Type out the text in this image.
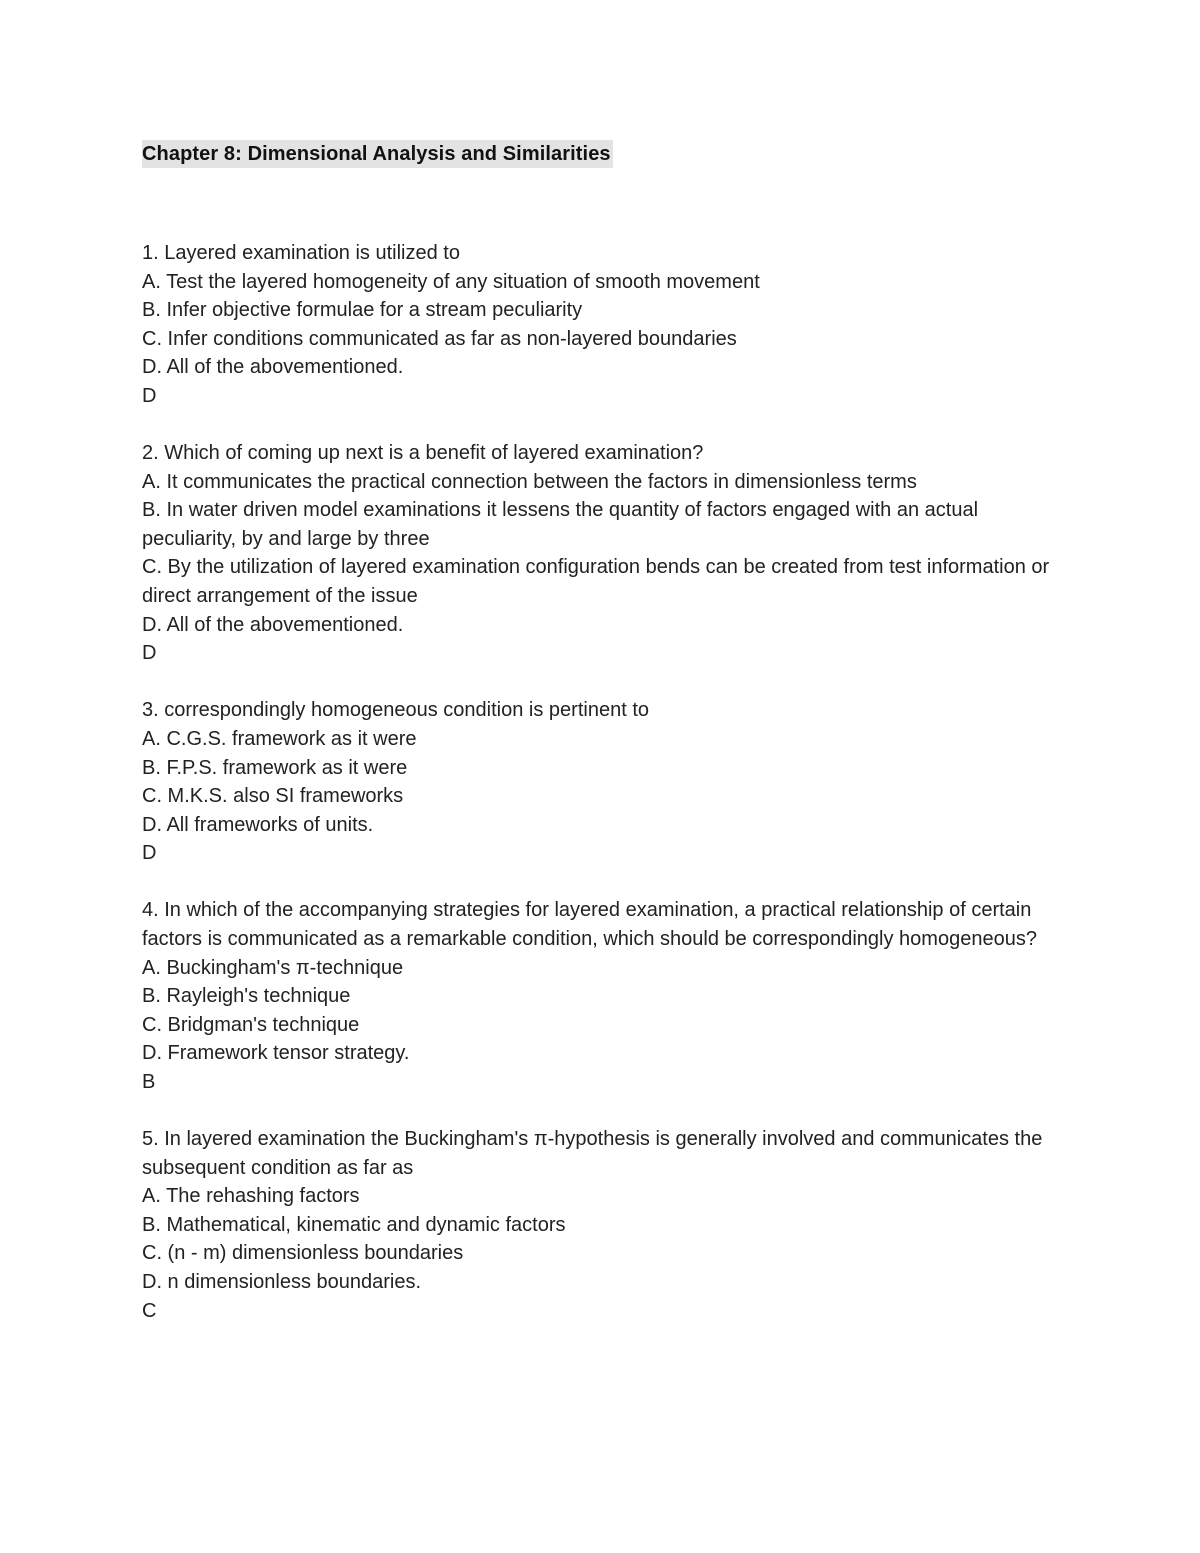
Chapter 8: Dimensional Analysis and Similarities

1. Layered examination is utilized to

A. Test the layered homogeneity of any situation of smooth movement

B. Infer objective formulae for a stream peculiarity

C. Infer conditions communicated as far as non-layered boundaries

D. All of the abovementioned.

D

2. Which of coming up next is a benefit of layered examination?

A. It communicates the practical connection between the factors in dimensionless terms

B. In water driven model examinations it lessens the quantity of factors engaged with an actual peculiarity, by and large by three

C. By the utilization of layered examination configuration bends can be created from test information or direct arrangement of the issue

D. All of the abovementioned.

D

3. correspondingly homogeneous condition is pertinent to

A. C.G.S. framework as it were

B. F.P.S. framework as it were

C. M.K.S. also SI frameworks

D. All frameworks of units.

D

4. In which of the accompanying strategies for layered examination, a practical relationship of certain factors is communicated as a remarkable condition, which should be correspondingly homogeneous?

A. Buckingham's π-technique

B. Rayleigh's technique

C. Bridgman's technique

D. Framework tensor strategy.

B

5. In layered examination the Buckingham's π-hypothesis is generally involved and communicates the subsequent condition as far as

A. The rehashing factors

B. Mathematical, kinematic and dynamic factors

C. (n - m) dimensionless boundaries

D. n dimensionless boundaries.

C
